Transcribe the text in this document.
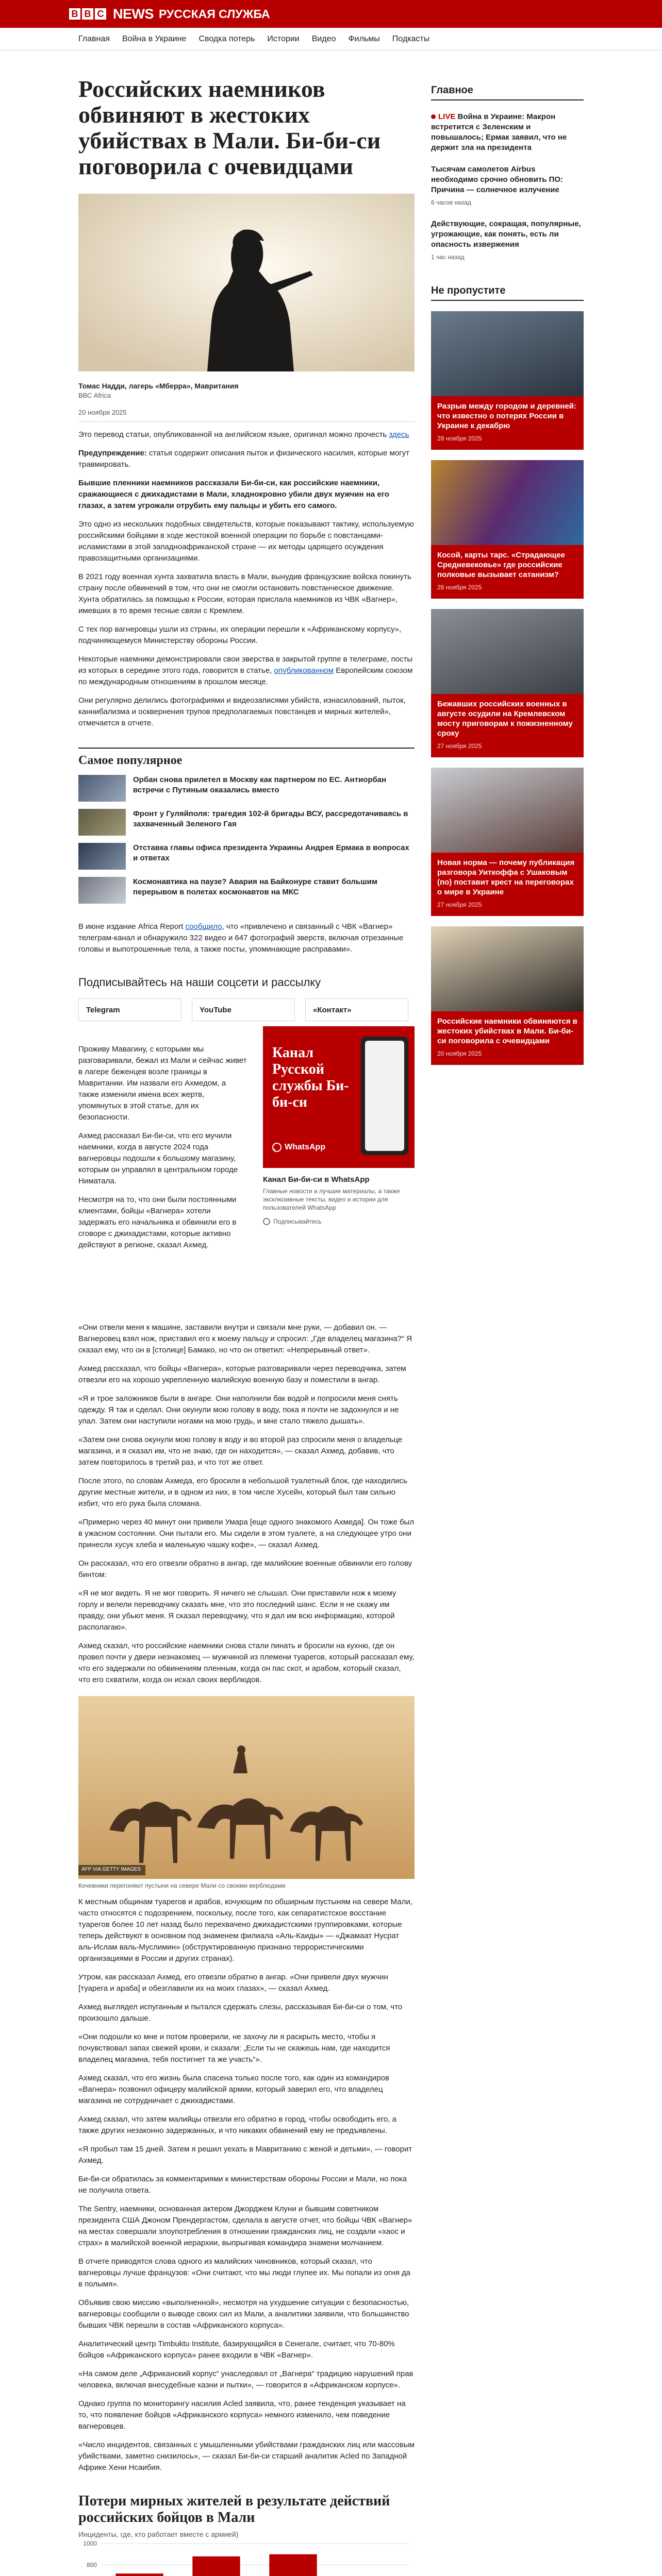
B B C NEWS РУССКАЯ СЛУЖБА
Главная Война в Украине Сводка потерь Истории Видео Фильмы Подкасты
Российских наемников обвиняют в жестоких убийствах в Мали. Би-би-си поговорила с очевидцами
Томас Надди, лагерь «Мберра», Мавритания
ВВС Africa
20 ноября 2025

Это перевод статьи, опубликованной на английском языке, оригинал можно прочесть здесь

Предупреждение: статья содержит описания пыток и физического насилия, которые могут травмировать.

Бывшие пленники наемников рассказали Би-би-си, как российские наемники, сражающиеся с джихадистами в Мали, хладнокровно убили двух мужчин на его глазах, а затем угрожали отрубить ему пальцы и убить его самого.

Это одно из нескольких подобных свидетельств, которые показывают тактику, используемую российскими бойцами в ходе жестокой военной операции по борьбе с повстанцами-исламистами в этой западноафриканской стране — их методы царящего осуждения правозащитными организациями.

В 2021 году военная хунта захватила власть в Мали, вынудив французские войска покинуть страну после обвинений в том, что они не смогли остановить повстанческое движение. Хунта обратилась за помощью к России, которая прислала наемников из ЧВК «Вагнер», имевших в то время тесные связи с Кремлем.

С тех пор вагнеровцы ушли из страны, их операции перешли к «Африканскому корпусу», подчиняющемуся Министерству обороны России.

Некоторые наемники демонстрировали свои зверства в закрытой группе в телеграме, посты из которых в середине этого года, говорится в статье, опубликованном Европейским союзом по международным отношениям в прошлом месяце.

Они регулярно делились фотографиями и видеозаписями убийств, изнасилований, пыток, каннибализма и осквернения трупов предполагаемых повстанцев и мирных жителей», отмечается в отчете.

Самое популярное
Орбан снова прилетел в Москву как партнером по ЕС. Антиорбан встречи с Путиным оказались вместо
Фронт у Гуляйполя: трагедия 102-й бригады ВСУ, рассредотачиваясь в захваченный Зеленого Гая
Отставка главы офиса президента Украины Андрея Ермака в вопросах и ответах
Космонавтика на паузе? Авария на Байконуре ставит большим перерывом в полетах космонавтов на МКС

В июне издание Africa Report сообщило, что «привлечено и связанный с ЧВК «Вагнер» телеграм-канал и обнаружило 322 видео и 647 фотографий зверств, включая отрезанные головы и выпотрошенные тела, а также посты, упоминающие расправами».

Подписывайтесь на наши соцсети и рассылку
Telegram	YouTube	«Контакт»

Проживу Мавагину, с которыми мы разговаривали, бежал из Мали и сейчас живет в лагере беженцев возле границы в Мавритании. Им назвали его Ахмедом, а также изменили имена всех жертв, упомянутых в этой статье, для их безопасности.

Ахмед рассказал Би-би-си, что его мучили наемники, когда в августе 2024 года вагнеровцы подошли к большому магазину, которым он управлял в центральном городе Ниматала.

Несмотря на то, что они были постоянными клиентами, бойцы «Вагнера» хотели задержать его начальника и обвинили его в сговоре с джихадистами, которые активно действуют в регионе, сказал Ахмед.

Канал Русской службы Би-би-си
WhatsApp
Канал Би-би-си в WhatsApp
Главные новости и лучшие материалы, а также эксклюзивные тексты, видео и истории для пользователей WhatsApp
Подписывайтесь

«Они отвели меня к машине, заставили внутри и связали мне руки, — добавил он. — Вагнеровец взял нож, приставил его к моему пальцу и спросил: „Где владелец магазина?“ Я сказал ему, что он в [столице] Бамако, но что он ответил: «Непрерывный ответ».

Ахмед рассказал, что бойцы «Вагнера», которые разговаривали через переводчика, затем отвезли его на хорошо укрепленную малийскую военную базу и поместили в ангар.

«Я и трое заложников были в ангаре. Они наполнили бак водой и попросили меня снять одежду. Я так и сделал. Они окунули мою голову в воду, пока я почти не задохнулся и не упал. Затем они наступили ногами на мою грудь, и мне стало тяжело дышать».

«Затем они снова окунули мою голову в воду и во второй раз спросили меня о владельце магазина, и я сказал им, что не знаю, где он находится», — сказал Ахмед, добавив, что затем повторилось в третий раз, и что тот же ответ.

После этого, по словам Ахмеда, его бросили в небольшой туалетный блок, где находились другие местные жители, и в одном из них, в том числе Хусейн, который был там сильно избит, что его рука была сломана.

«Примерно через 40 минут они привели Умара [еще одного знакомого Ахмеда]. Он тоже был в ужасном состоянии. Они пытали его. Мы сидели в этом туалете, а на следующее утро они принесли хусук хлеба и маленькую чашку кофе», — сказал Ахмед.

Он рассказал, что его отвезли обратно в ангар, где малийские военные обвинили его голову бинтом:

«Я не мог видеть. Я не мог говорить. Я ничего не слышал. Они приставили нож к моему горлу и велели переводчику сказать мне, что это последний шанс. Если я не скажу им правду, они убьют меня. Я сказал переводчику, что я дал им всю информацию, которой располагаю».

Ахмед сказал, что российские наемники снова стали пинать и бросили на кухню, где он провел почти у двери незнакомец — мужчиной из племени туарегов, который рассказал ему, что его задержали по обвинениям пленным, когда он пас скот, и арабом, который сказал, что его схватили, когда он искал своих верблюдов.

AFP VIA GETTY IMAGES
Кочевники перегоняют пустыни на севере Мали со своими верблюдами

К местным общинам туарегов и арабов, кочующим по обширным пустыням на севере Мали, часто относятся с подозрением, поскольку, после того, как сепаратистское восстание туарегов более 10 лет назад было перехвачено джихадистскими группировками, которые теперь действуют в основном под знаменем филиала «Аль-Каиды» — «Джамаат Нусрат аль-Ислам валь-Муслимин» (обструктированную признано террористическими организациями в России и других странах).

Утром, как рассказал Ахмед, его отвезли обратно в ангар. «Они привели двух мужчин [туарега и араба] и обезглавили их на моих глазах», — сказал Ахмед.

Ахмед выглядел испуганным и пытался сдержать слезы, рассказывая Би-би-си о том, что произошло дальше.

«Они подошли ко мне и потом проверили, не захочу ли я раскрыть место, чтобы я почувствовал запах свежей крови, и сказали: „Если ты не скажешь нам, где находится владелец магазина, тебя постигнет та же участь“».

Ахмед сказал, что его жизнь была спасена только после того, как один из командиров «Вагнера» позвонил офицеру малийской армии, который заверил его, что владелец магазина не сотрудничает с джихадистами.

Ахмед сказал, что затем малийцы отвезли его обратно в город, чтобы освободить его, а также других незаконно задержанных, и что никаких обвинений ему не предъявлены.

«Я пробыл там 15 дней. Затем я решил уехать в Мавританию с женой и детьми», — говорит Ахмед.

Би-би-си обратилась за комментариями к министерствам обороны России и Мали, но пока не получила ответа.

The Sentry, наемники, основанная актером Джорджем Клуни и бывшим советником президента США Джоном Прендергастом, сделала в августе отчет, что бойцы ЧВК «Вагнер» на местах совершали злоупотребления в отношении гражданских лиц, не создали «хаос и страх» в малийской военной иерархии, выпрыгивая командира знамени молчанием.

В отчете приводятся слова одного из малийских чиновников, который сказал, что вагнеровцы лучше французов: «Они считают, что мы люди глупее их. Мы попали из огня да в полымя».

Объявив свою миссию «выполненной», несмотря на ухудшение ситуации с безопасностью, вагнеровцы сообщили о выводе своих сил из Мали, а аналитики заявили, что большинство бывших ЧВК перешли в состав «Африканского корпуса».

Аналитический центр Timbuktu Institute, базирующийся в Сенегале, считает, что 70-80% бойцов «Африканского корпуса» ранее входили в ЧВК «Вагнер».

«На самом деле „Африканский корпус“ унаследовал от „Вагнера“ традицию нарушений прав человека, включая внесудебные казни и пытки», — говорится в «Африканском корпусе».

Однако группа по мониторингу насилия Acled заявила, что, ранее тенденция указывает на то, что появление бойцов «Африканского корпуса» немного изменило, чем поведение вагнеровцев.

«Число инцидентов, связанных с умышленными убийствами гражданских лиц или массовым убийствами, заметно снизилось», — сказал Би-би-си старший аналитик Acled по Западной Африке Хени Нсаибия.

Потери мирных жителей в результате действий российских бойцов в Мали
Инциденты, где, кто работает вместе с армией)
800
1000
Главное
LIVE Война в Украине: Макрон встретится с Зеленским и повышалось; Ермак заявил, что не держит зла на президента
Тысячам самолетов Airbus необходимо срочно обновить ПО: Причина — солнечное излучение
6 часов назад
Действующие, сокращая, популярные, угрожающие, как понять, есть ли опасность извержения
1 час назад
Не пропустите
Разрыв между городом и деревней: что известно о потерях России в Украине к декабрю
28 ноября 2025
Косой, карты тарс. «Страдающее Средневековье» где российские полковые вызывает сатанизм?
28 ноября 2025
Бежавших российских военных в августе осудили на Кремлевском мосту приговорам к пожизненному сроку
27 ноября 2025
Новая норма — почему публикация разговора Уиткоффа с Ушаковым (по) поставит крест на переговорах о мире в Украине
27 ноября 2025
Российские наемники обвиняются в жестоких убийствах в Мали. Би-би-си поговорила с очевидцами
20 ноября 2025
